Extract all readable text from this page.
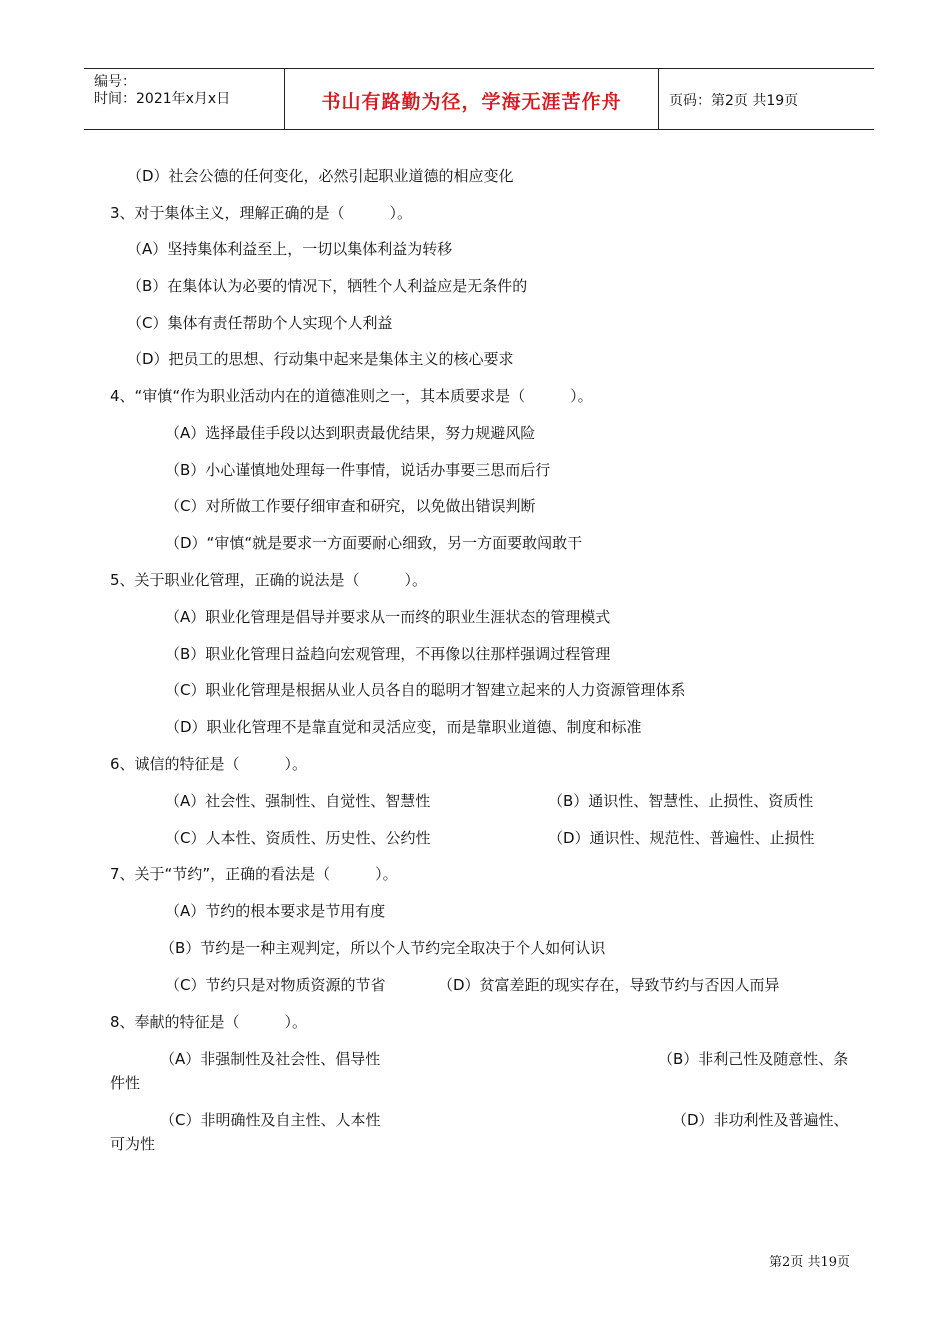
编号：
时间：2021年x月x日	书山有路勤为径，学海无涯苦作舟	页码：第2页 共19页
（D）社会公德的任何变化，必然引起职业道德的相应变化
3、对于集体主义，理解正确的是（　　　）。
（A）坚持集体利益至上，一切以集体利益为转移
（B）在集体认为必要的情况下，牺牲个人利益应是无条件的
（C）集体有责任帮助个人实现个人利益
（D）把员工的思想、行动集中起来是集体主义的核心要求
4、“审慎“作为职业活动内在的道德准则之一，其本质要求是（　　　）。
（A）选择最佳手段以达到职责最优结果，努力规避风险
（B）小心谨慎地处理每一件事情，说话办事要三思而后行
（C）对所做工作要仔细审查和研究，以免做出错误判断
（D）“审慎“就是要求一方面要耐心细致，另一方面要敢闯敢干
5、关于职业化管理，正确的说法是（　　　）。
（A）职业化管理是倡导并要求从一而终的职业生涯状态的管理模式
（B）职业化管理日益趋向宏观管理，不再像以往那样强调过程管理
（C）职业化管理是根据从业人员各自的聪明才智建立起来的人力资源管理体系
（D）职业化管理不是靠直觉和灵活应变，而是靠职业道德、制度和标准
6、诚信的特征是（　　　）。
（A）社会性、强制性、自觉性、智慧性	（B）通识性、智慧性、止损性、资质性
（C）人本性、资质性、历史性、公约性	（D）通识性、规范性、普遍性、止损性
7、关于“节约”，正确的看法是（　　　）。
（A）节约的根本要求是节用有度
（B）节约是一种主观判定，所以个人节约完全取决于个人如何认识
（C）节约只是对物质资源的节省	（D）贫富差距的现实存在，导致节约与否因人而异
8、奉献的特征是（　　　）。
（A）非强制性及社会性、倡导性	（B）非利己性及随意性、条
件性
（C）非明确性及自主性、人本性	（D）非功利性及普遍性、
可为性
第2页 共19页
